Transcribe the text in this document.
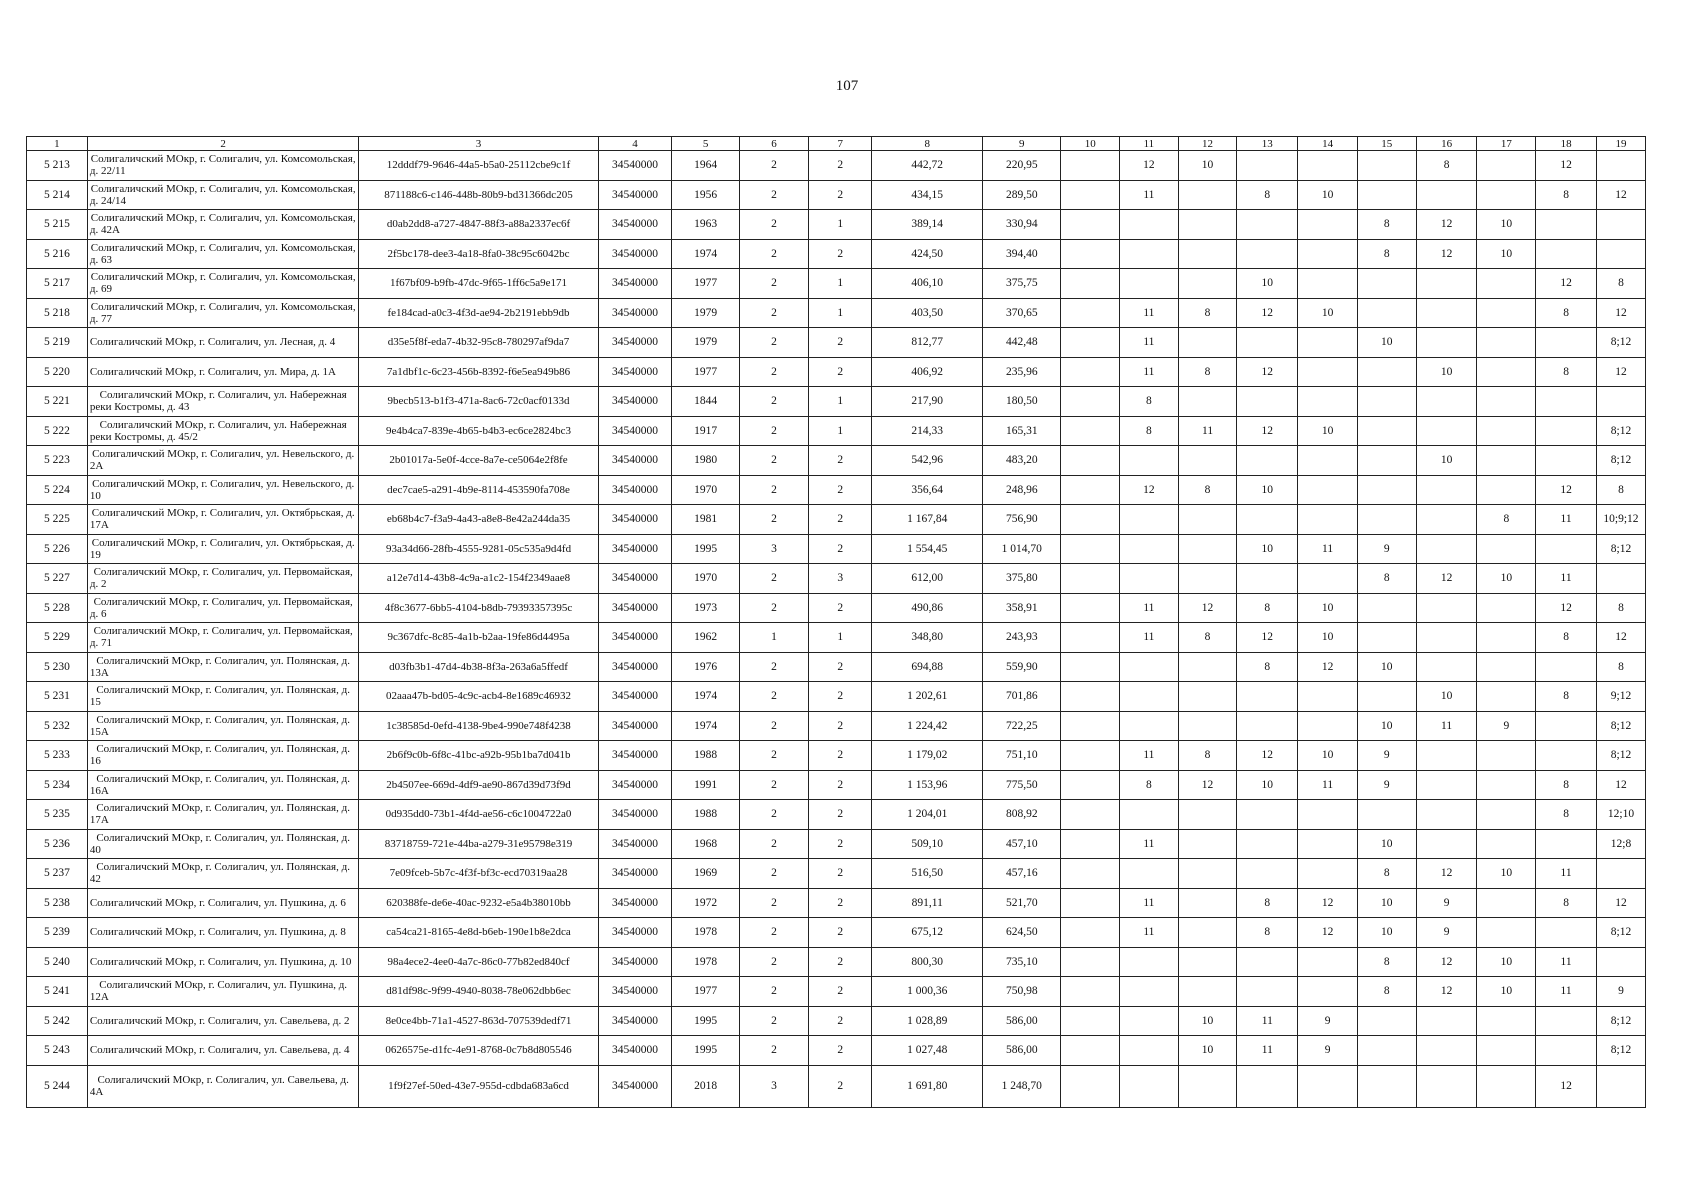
107
1	2	3	4	5	6	7	8	9	10	11	12	13	14	15	16	17	18	19
5 213	Солигаличский МОкр, г. Солигалич, ул. Комсомольская, д. 22/11	12dddf79-9646-44a5-b5a0-25112cbe9c1f	34540000	1964	2	2	442,72	220,95		12	10				8		12	
5 214	Солигаличский МОкр, г. Солигалич, ул. Комсомольская, д. 24/14	871188c6-c146-448b-80b9-bd31366dc205	34540000	1956	2	2	434,15	289,50		11		8	10				8	12
5 215	Солигаличский МОкр, г. Солигалич, ул. Комсомольская, д. 42А	d0ab2dd8-a727-4847-88f3-a88a2337ec6f	34540000	1963	2	1	389,14	330,94						8	12	10		
5 216	Солигаличский МОкр, г. Солигалич, ул. Комсомольская, д. 63	2f5bc178-dee3-4a18-8fa0-38c95c6042bc	34540000	1974	2	2	424,50	394,40						8	12	10		
5 217	Солигаличский МОкр, г. Солигалич, ул. Комсомольская, д. 69	1f67bf09-b9fb-47dc-9f65-1ff6c5a9e171	34540000	1977	2	1	406,10	375,75				10					12	8
5 218	Солигаличский МОкр, г. Солигалич, ул. Комсомольская, д. 77	fe184cad-a0c3-4f3d-ae94-2b2191ebb9db	34540000	1979	2	1	403,50	370,65		11	8	12	10				8	12
5 219	Солигаличский МОкр, г. Солигалич, ул. Лесная, д. 4	d35e5f8f-eda7-4b32-95c8-780297af9da7	34540000	1979	2	2	812,77	442,48		11				10				8;12
5 220	Солигаличский МОкр, г. Солигалич, ул. Мира, д. 1А	7a1dbf1c-6c23-456b-8392-f6e5ea949b86	34540000	1977	2	2	406,92	235,96		11	8	12			10		8	12
5 221	Солигаличский МОкр, г. Солигалич, ул. Набережная реки Костромы, д. 43	9becb513-b1f3-471a-8ac6-72c0acf0133d	34540000	1844	2	1	217,90	180,50		8								
5 222	Солигаличский МОкр, г. Солигалич, ул. Набережная реки Костромы, д. 45/2	9e4b4ca7-839e-4b65-b4b3-ec6ce2824bc3	34540000	1917	2	1	214,33	165,31		8	11	12	10					8;12
5 223	Солигаличский МОкр, г. Солигалич, ул. Невельского, д. 2А	2b01017a-5e0f-4cce-8a7e-ce5064e2f8fe	34540000	1980	2	2	542,96	483,20							10			8;12
5 224	Солигаличский МОкр, г. Солигалич, ул. Невельского, д. 10	dec7cae5-a291-4b9e-8114-453590fa708e	34540000	1970	2	2	356,64	248,96		12	8	10					12	8
5 225	Солигаличский МОкр, г. Солигалич, ул. Октябрьская, д. 17А	eb68b4c7-f3a9-4a43-a8e8-8e42a244da35	34540000	1981	2	2	1 167,84	756,90								8	11	10;9;12
5 226	Солигаличский МОкр, г. Солигалич, ул. Октябрьская, д. 19	93a34d66-28fb-4555-9281-05c535a9d4fd	34540000	1995	3	2	1 554,45	1 014,70				10	11	9				8;12
5 227	Солигаличский МОкр, г. Солигалич, ул. Первомайская, д. 2	a12e7d14-43b8-4c9a-a1c2-154f2349aae8	34540000	1970	2	3	612,00	375,80						8	12	10	11	
5 228	Солигаличский МОкр, г. Солигалич, ул. Первомайская, д. 6	4f8c3677-6bb5-4104-b8db-79393357395c	34540000	1973	2	2	490,86	358,91		11	12	8	10				12	8
5 229	Солигаличский МОкр, г. Солигалич, ул. Первомайская, д. 71	9c367dfc-8c85-4a1b-b2aa-19fe86d4495a	34540000	1962	1	1	348,80	243,93		11	8	12	10				8	12
5 230	Солигаличский МОкр, г. Солигалич, ул. Полянская, д. 13А	d03fb3b1-47d4-4b38-8f3a-263a6a5ffedf	34540000	1976	2	2	694,88	559,90				8	12	10				8
5 231	Солигаличский МОкр, г. Солигалич, ул. Полянская, д. 15	02aaa47b-bd05-4c9c-acb4-8e1689c46932	34540000	1974	2	2	1 202,61	701,86							10		8	9;12
5 232	Солигаличский МОкр, г. Солигалич, ул. Полянская, д. 15А	1c38585d-0efd-4138-9be4-990e748f4238	34540000	1974	2	2	1 224,42	722,25						10	11	9		8;12
5 233	Солигаличский МОкр, г. Солигалич, ул. Полянская, д. 16	2b6f9c0b-6f8c-41bc-a92b-95b1ba7d041b	34540000	1988	2	2	1 179,02	751,10		11	8	12	10	9				8;12
5 234	Солигаличский МОкр, г. Солигалич, ул. Полянская, д. 16А	2b4507ee-669d-4df9-ae90-867d39d73f9d	34540000	1991	2	2	1 153,96	775,50		8	12	10	11	9			8	12
5 235	Солигаличский МОкр, г. Солигалич, ул. Полянская, д. 17А	0d935dd0-73b1-4f4d-ae56-c6c1004722a0	34540000	1988	2	2	1 204,01	808,92									8	12;10
5 236	Солигаличский МОкр, г. Солигалич, ул. Полянская, д. 40	83718759-721e-44ba-a279-31e95798e319	34540000	1968	2	2	509,10	457,10		11				10				12;8
5 237	Солигаличский МОкр, г. Солигалич, ул. Полянская, д. 42	7e09fceb-5b7c-4f3f-bf3c-ecd70319aa28	34540000	1969	2	2	516,50	457,16						8	12	10	11	
5 238	Солигаличский МОкр, г. Солигалич, ул. Пушкина, д. 6	620388fe-de6e-40ac-9232-e5a4b38010bb	34540000	1972	2	2	891,11	521,70		11		8	12	10	9		8	12
5 239	Солигаличский МОкр, г. Солигалич, ул. Пушкина, д. 8	ca54ca21-8165-4e8d-b6eb-190e1b8e2dca	34540000	1978	2	2	675,12	624,50		11		8	12	10	9			8;12
5 240	Солигаличский МОкр, г. Солигалич, ул. Пушкина, д. 10	98a4ece2-4ee0-4a7c-86c0-77b82ed840cf	34540000	1978	2	2	800,30	735,10						8	12	10	11	
5 241	Солигаличский МОкр, г. Солигалич, ул. Пушкина, д. 12А	d81df98c-9f99-4940-8038-78e062dbb6ec	34540000	1977	2	2	1 000,36	750,98						8	12	10	11	9
5 242	Солигаличский МОкр, г. Солигалич, ул. Савельева, д. 2	8e0ce4bb-71a1-4527-863d-707539dedf71	34540000	1995	2	2	1 028,89	586,00			10	11	9					8;12
5 243	Солигаличский МОкр, г. Солигалич, ул. Савельева, д. 4	0626575e-d1fc-4e91-8768-0c7b8d805546	34540000	1995	2	2	1 027,48	586,00			10	11	9					8;12
5 244	Солигаличский МОкр, г. Солигалич, ул. Савельева, д. 4А	1f9f27ef-50ed-43e7-955d-cdbda683a6cd	34540000	2018	3	2	1 691,80	1 248,70									12	
